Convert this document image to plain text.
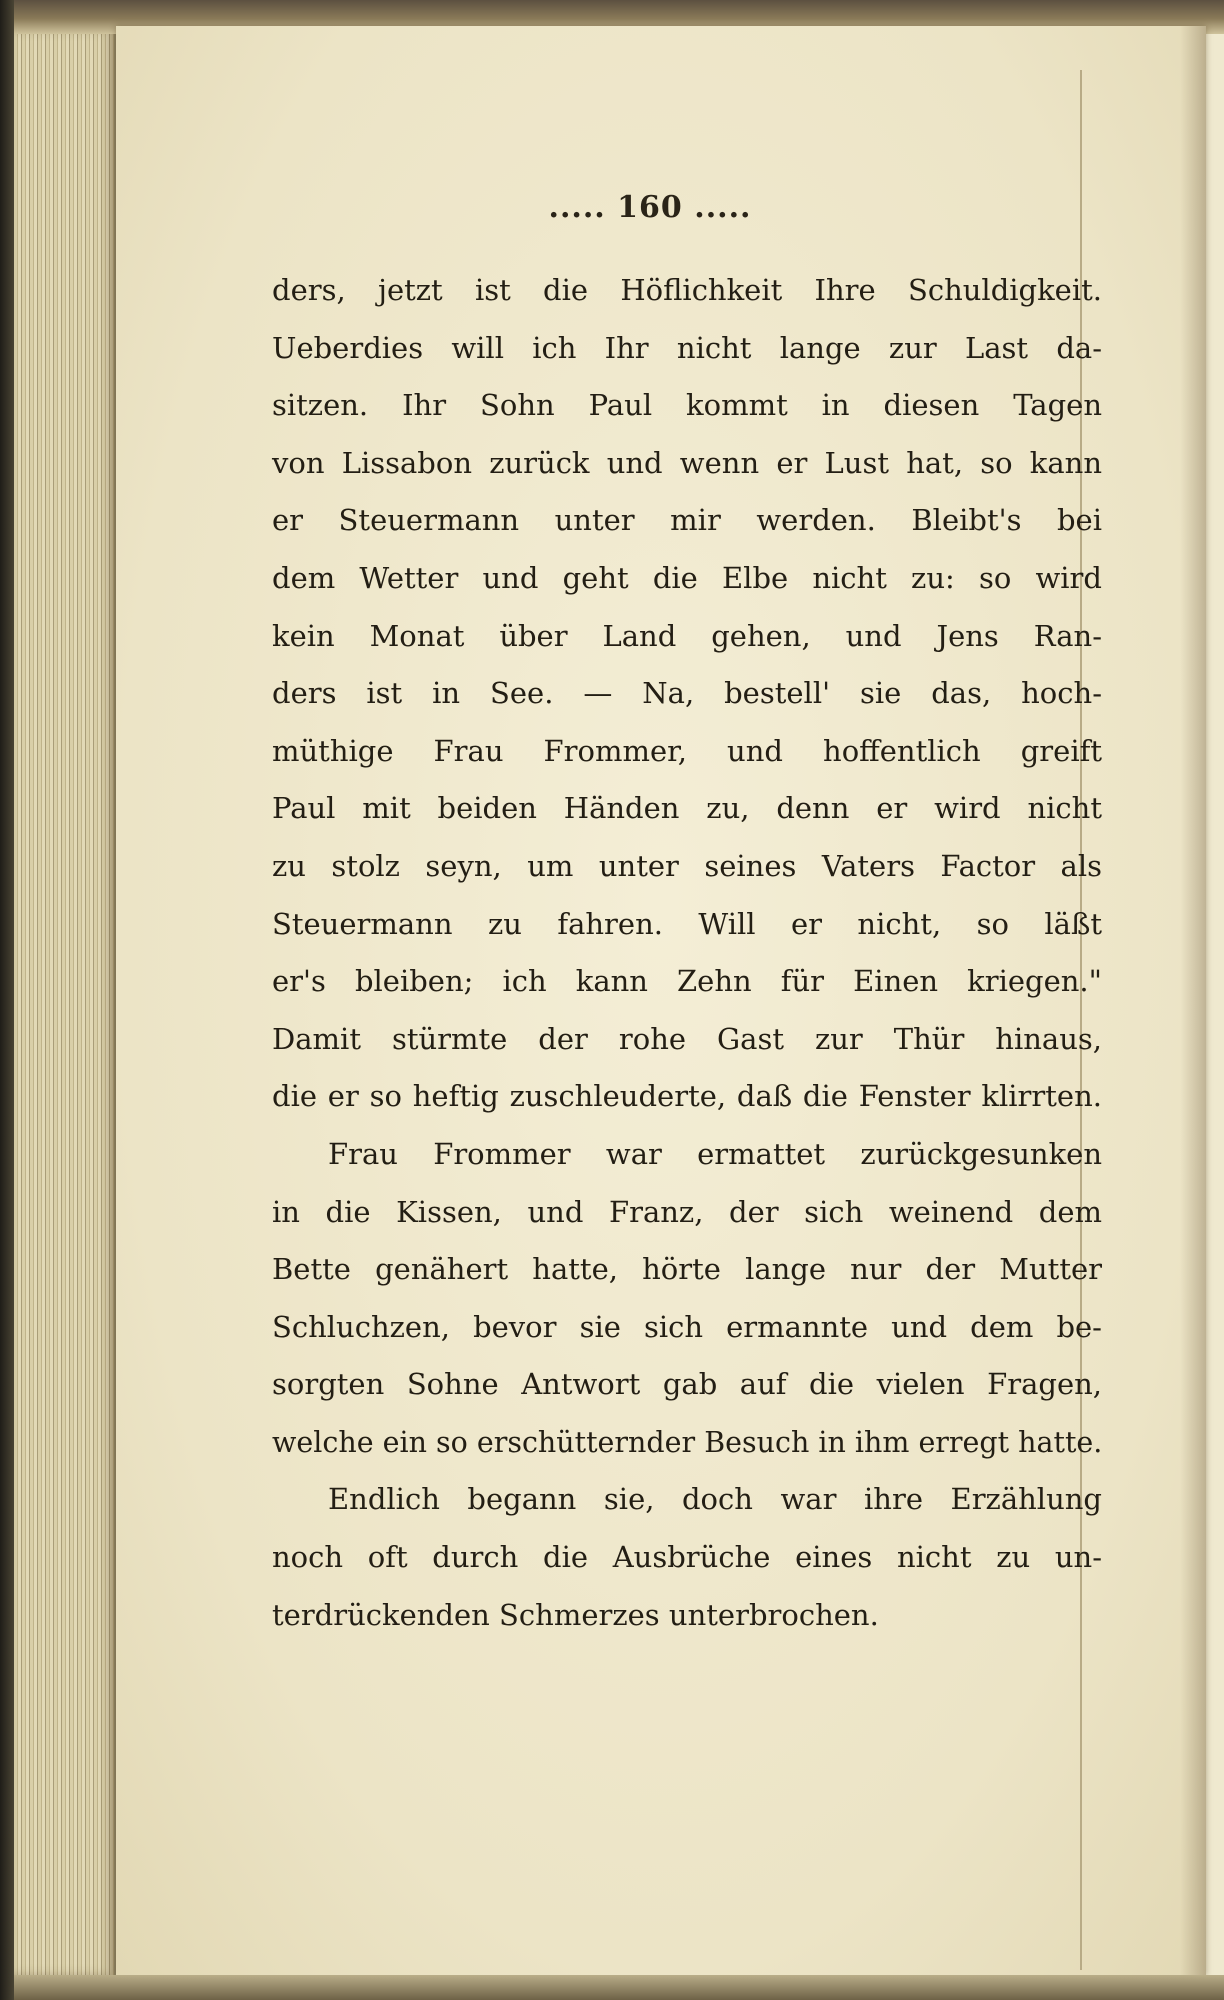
..... 160 .....
ders, jetzt ist die Höflichkeit Ihre Schuldigkeit.
Ueberdies will ich Ihr nicht lange zur Last da-
sitzen. Ihr Sohn Paul kommt in diesen Tagen
von Lissabon zurück und wenn er Lust hat, so kann
er Steuermann unter mir werden. Bleibt's bei
dem Wetter und geht die Elbe nicht zu: so wird
kein Monat über Land gehen, und Jens Ran-
ders ist in See. — Na, bestell' sie das, hoch-
müthige Frau Frommer, und hoffentlich greift
Paul mit beiden Händen zu, denn er wird nicht
zu stolz seyn, um unter seines Vaters Factor als
Steuermann zu fahren. Will er nicht, so läßt
er's bleiben; ich kann Zehn für Einen kriegen."
Damit stürmte der rohe Gast zur Thür hinaus,
die er so heftig zuschleuderte, daß die Fenster klirrten.
Frau Frommer war ermattet zurückgesunken
in die Kissen, und Franz, der sich weinend dem
Bette genähert hatte, hörte lange nur der Mutter
Schluchzen, bevor sie sich ermannte und dem be-
sorgten Sohne Antwort gab auf die vielen Fragen,
welche ein so erschütternder Besuch in ihm erregt hatte.
Endlich begann sie, doch war ihre Erzählung
noch oft durch die Ausbrüche eines nicht zu un-
terdrückenden Schmerzes unterbrochen.
